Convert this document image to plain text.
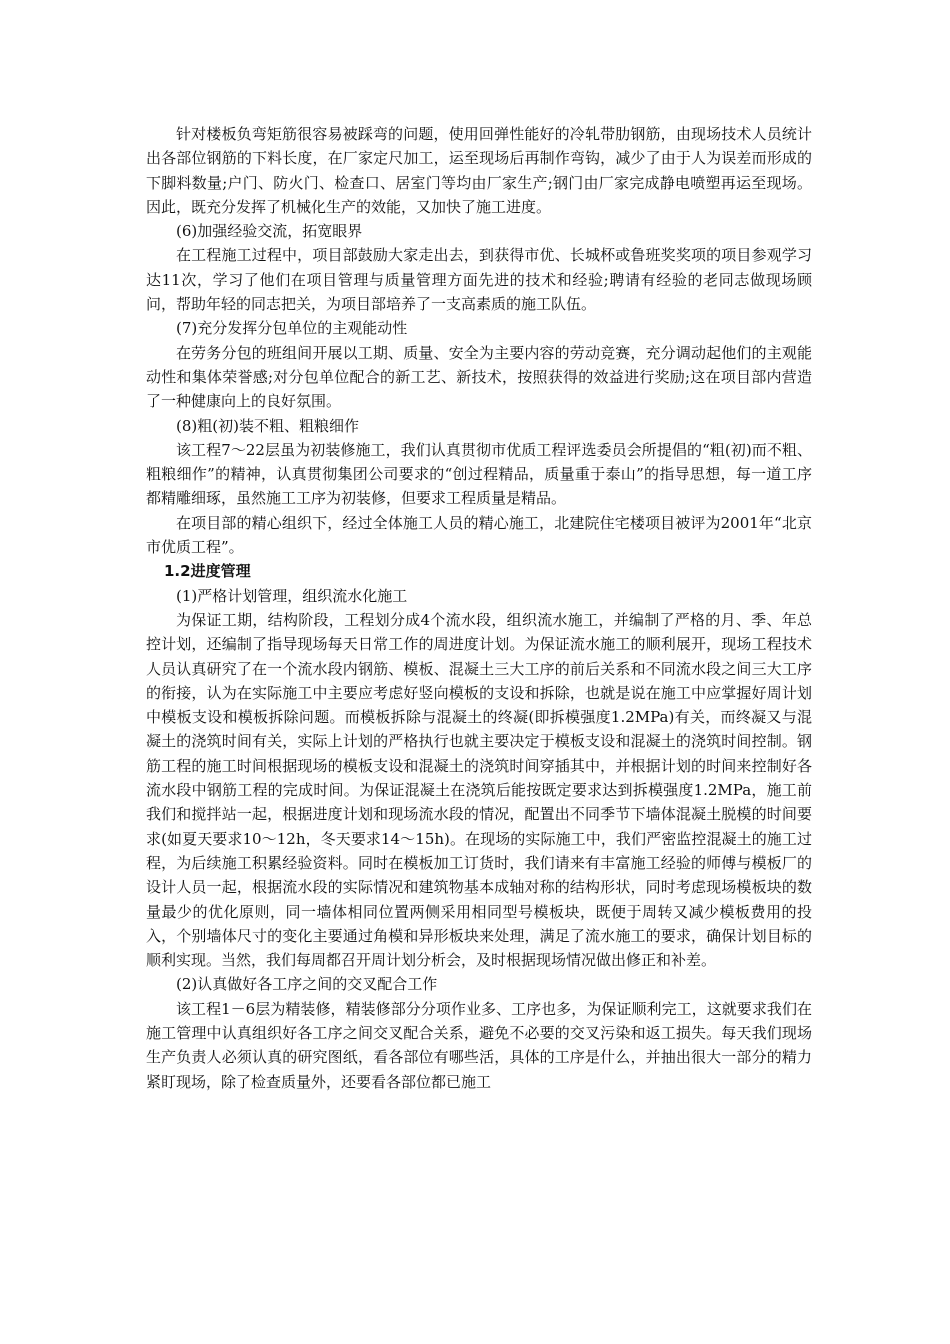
针对楼板负弯矩筋很容易被踩弯的问题，使用回弹性能好的冷轧带肋钢筋，由现场技术人员统计出各部位钢筋的下料长度，在厂家定尺加工，运至现场后再制作弯钩，减少了由于人为误差而形成的下脚料数量;户门、防火门、检查口、居室门等均由厂家生产;钢门由厂家完成静电喷塑再运至现场。因此，既充分发挥了机械化生产的效能，又加快了施工进度。

(6)加强经验交流，拓宽眼界

在工程施工过程中，项目部鼓励大家走出去，到获得市优、长城杯或鲁班奖奖项的项目参观学习达11次，学习了他们在项目管理与质量管理方面先进的技术和经验;聘请有经验的老同志做现场顾问，帮助年轻的同志把关，为项目部培养了一支高素质的施工队伍。

(7)充分发挥分包单位的主观能动性

在劳务分包的班组间开展以工期、质量、安全为主要内容的劳动竞赛，充分调动起他们的主观能动性和集体荣誉感;对分包单位配合的新工艺、新技术，按照获得的效益进行奖励;这在项目部内营造了一种健康向上的良好氛围。

(8)粗(初)装不粗、粗粮细作

该工程7～22层虽为初装修施工，我们认真贯彻市优质工程评选委员会所提倡的“粗(初)而不粗、粗粮细作”的精神，认真贯彻集团公司要求的“创过程精品，质量重于泰山”的指导思想，每一道工序都精雕细琢，虽然施工工序为初装修，但要求工程质量是精品。

在项目部的精心组织下，经过全体施工人员的精心施工，北建院住宅楼项目被评为2001年“北京市优质工程”。

1.2进度管理

(1)严格计划管理，组织流水化施工

为保证工期，结构阶段，工程划分成4个流水段，组织流水施工，并编制了严格的月、季、年总控计划，还编制了指导现场每天日常工作的周进度计划。为保证流水施工的顺利展开，现场工程技术人员认真研究了在一个流水段内钢筋、模板、混凝土三大工序的前后关系和不同流水段之间三大工序的衔接，认为在实际施工中主要应考虑好竖向模板的支设和拆除，也就是说在施工中应掌握好周计划中模板支设和模板拆除问题。而模板拆除与混凝土的终凝(即拆模强度1.2MPa)有关，而终凝又与混凝土的浇筑时间有关，实际上计划的严格执行也就主要决定于模板支设和混凝土的浇筑时间控制。钢筋工程的施工时间根据现场的模板支设和混凝土的浇筑时间穿插其中，并根据计划的时间来控制好各流水段中钢筋工程的完成时间。为保证混凝土在浇筑后能按既定要求达到拆模强度1.2MPa，施工前我们和搅拌站一起，根据进度计划和现场流水段的情况，配置出不同季节下墙体混凝土脱模的时间要求(如夏天要求10～12h，冬天要求14～15h)。在现场的实际施工中，我们严密监控混凝土的施工过程，为后续施工积累经验资料。同时在模板加工订货时，我们请来有丰富施工经验的师傅与模板厂的设计人员一起，根据流水段的实际情况和建筑物基本成轴对称的结构形状，同时考虑现场模板块的数量最少的优化原则，同一墙体相同位置两侧采用相同型号模板块，既便于周转又减少模板费用的投入，个别墙体尺寸的变化主要通过角模和异形板块来处理，满足了流水施工的要求，确保计划目标的顺利实现。当然，我们每周都召开周计划分析会，及时根据现场情况做出修正和补差。

(2)认真做好各工序之间的交叉配合工作

该工程1－6层为精装修，精装修部分分项作业多、工序也多，为保证顺利完工，这就要求我们在施工管理中认真组织好各工序之间交叉配合关系，避免不必要的交叉污染和返工损失。每天我们现场生产负责人必须认真的研究图纸，看各部位有哪些活，具体的工序是什么，并抽出很大一部分的精力紧盯现场，除了检查质量外，还要看各部位都已施工
